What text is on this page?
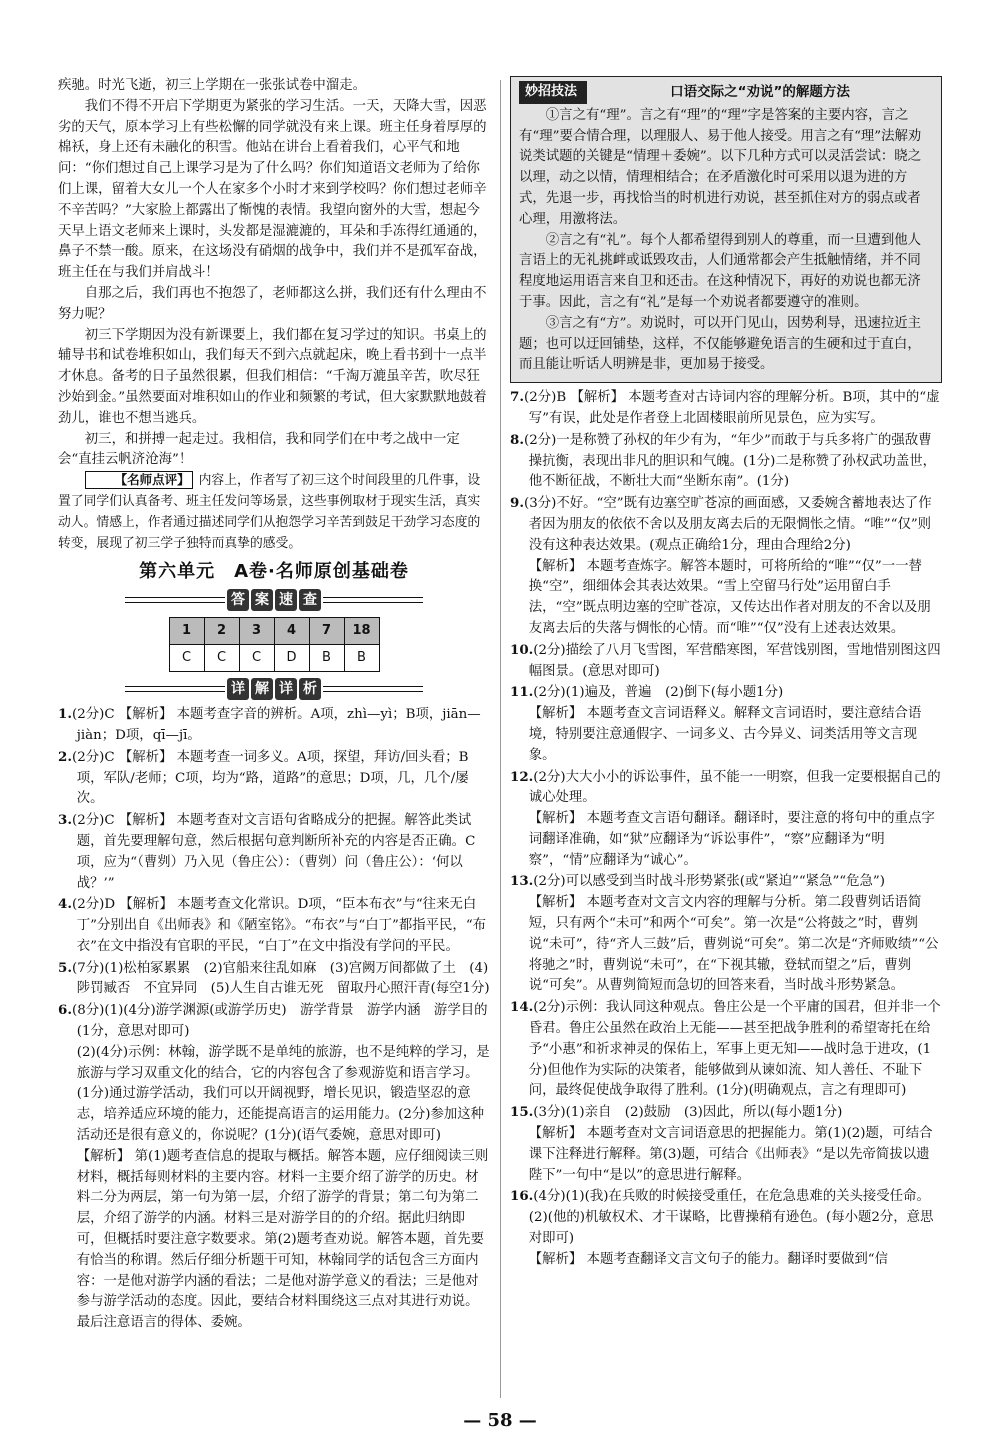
疾驰。时光飞逝，初三上学期在一张张试卷中溜走。

我们不得不开启下学期更为紧张的学习生活。一天，天降大雪，因恶劣的天气，原本学习上有些松懈的同学就没有来上课。班主任身着厚厚的棉袄，身上还有未融化的积雪。他站在讲台上看着我们，心平气和地问：“你们想过自己上课学习是为了什么吗？你们知道语文老师为了给你们上课，留着大女儿一个人在家多个小时才来到学校吗？你们想过老师辛不辛苦吗？”大家脸上都露出了惭愧的表情。我望向窗外的大雪，想起今天早上语文老师来上课时，头发都是湿漉漉的，耳朵和手冻得红通通的，鼻子不禁一酸。原来，在这场没有硝烟的战争中，我们并不是孤军奋战，班主任在与我们并肩战斗！

自那之后，我们再也不抱怨了，老师都这么拼，我们还有什么理由不努力呢？

初三下学期因为没有新课要上，我们都在复习学过的知识。书桌上的辅导书和试卷堆积如山，我们每天不到六点就起床，晚上看书到十一点半才休息。备考的日子虽然很累，但我们相信：“千淘万漉虽辛苦，吹尽狂沙始到金。”虽然要面对堆积如山的作业和频繁的考试，但大家默默地鼓着劲儿，谁也不想当逃兵。

初三，和拼搏一起走过。我相信，我和同学们在中考之战中一定会“直挂云帆济沧海”！

【名师点评】 内容上，作者写了初三这个时间段里的几件事，设置了同学们认真备考、班主任发问等场景，这些事例取材于现实生活，真实动人。情感上，作者通过描述同学们从抱怨学习辛苦到鼓足干劲学习态度的转变，展现了初三学子独特而真挚的感受。

第六单元　A卷·名师原创基础卷
答 案 速 查
1	2	3	4	7	18
C	C	C	D	B	B
详 解 详 析

1.(2分)C 【解析】 本题考查字音的辨析。A项，zhì—yì；B项，jiān—jiàn；D项，qī—jī。

2.(2分)C 【解析】 本题考查一词多义。A项，探望，拜访/回头看；B项，军队/老师；C项，均为“路，道路”的意思；D项，几，几个/屡次。

3.(2分)C 【解析】 本题考查对文言语句省略成分的把握。解答此类试题，首先要理解句意，然后根据句意判断所补充的内容是否正确。C项，应为“（曹刿）乃入见（鲁庄公）：（曹刿）问（鲁庄公）：‘何以战？’”

4.(2分)D 【解析】 本题考查文化常识。D项，“臣本布衣”与“往来无白丁”分别出自《出师表》和《陋室铭》。“布衣”与“白丁”都指平民，“布衣”在文中指没有官职的平民，“白丁”在文中指没有学问的平民。

5.(7分)(1)松柏冢累累　(2)官船来往乱如麻　(3)宫阙万间都做了土　(4)陟罚臧否　不宜异同　(5)人生自古谁无死　留取丹心照汗青(每空1分)

6.(8分)(1)(4分)游学渊源(或游学历史)　游学背景　游学内涵　游学目的(1分，意思对即可)

(2)(4分)示例：林翰，游学既不是单纯的旅游，也不是纯粹的学习，是旅游与学习双重文化的结合，它的内容包含了参观游览和语言学习。(1分)通过游学活动，我们可以开阔视野，增长见识，锻造坚忍的意志，培养适应环境的能力，还能提高语言的运用能力。(2分)参加这种活动还是很有意义的，你说呢？(1分)(语气委婉，意思对即可)

【解析】 第(1)题考查信息的提取与概括。解答本题，应仔细阅读三则材料，概括每则材料的主要内容。材料一主要介绍了游学的历史。材料二分为两层，第一句为第一层，介绍了游学的背景；第二句为第二层，介绍了游学的内涵。材料三是对游学目的的介绍。据此归纳即可，但概括时要注意字数要求。第(2)题考查劝说。解答本题，首先要有恰当的称谓。然后仔细分析题干可知，林翰同学的话包含三方面内容：一是他对游学内涵的看法；二是他对游学意义的看法；三是他对参与游学活动的态度。因此，要结合材料围绕这三点对其进行劝说。最后注意语言的得体、委婉。

妙招技法	口语交际之“劝说”的解题方法

①言之有“理”。言之有“理”的“理”字是答案的主要内容，言之有“理”要合情合理，以理服人、易于他人接受。用言之有“理”法解劝说类试题的关键是“情理＋委婉”。以下几种方式可以灵活尝试：晓之以理，动之以情，情理相结合；在矛盾激化时可采用以退为进的方式，先退一步，再找恰当的时机进行劝说，甚至抓住对方的弱点或者心理，用激将法。

②言之有“礼”。每个人都希望得到别人的尊重，而一旦遭到他人言语上的无礼挑衅或诋毁攻击，人们通常都会产生抵触情绪，并不同程度地运用语言来自卫和还击。在这种情况下，再好的劝说也都无济于事。因此，言之有“礼”是每一个劝说者都要遵守的准则。

③言之有“方”。劝说时，可以开门见山，因势利导，迅速拉近主题；也可以迂回铺垫，这样，不仅能够避免语言的生硬和过于直白，而且能让听话人明辨是非，更加易于接受。

7.(2分)B 【解析】 本题考查对古诗词内容的理解分析。B项，其中的“虚写”有误，此处是作者登上北固楼眼前所见景色，应为实写。

8.(2分)一是称赞了孙权的年少有为，“年少”而敢于与兵多将广的强敌曹操抗衡，表现出非凡的胆识和气魄。(1分)二是称赞了孙权武功盖世，他不断征战，不断壮大而“坐断东南”。(1分)

9.(3分)不好。“空”既有边塞空旷苍凉的画面感，又委婉含蓄地表达了作者因为朋友的依依不舍以及朋友离去后的无限惆怅之情。“唯”“仅”则没有这种表达效果。(观点正确给1分，理由合理给2分)

【解析】 本题考查炼字。解答本题时，可将所给的“唯”“仅”一一替换“空”，细细体会其表达效果。“雪上空留马行处”运用留白手法，“空”既点明边塞的空旷苍凉，又传达出作者对朋友的不舍以及朋友离去后的失落与惆怅的心情。而“唯”“仅”没有上述表达效果。

10.(2分)描绘了八月飞雪图，军营酷寒图，军营饯别图，雪地惜别图这四幅图景。(意思对即可)

11.(2分)(1)遍及，普遍　(2)倒下(每小题1分)

【解析】 本题考查文言词语释义。解释文言词语时，要注意结合语境，特别要注意通假字、一词多义、古今异义、词类活用等文言现象。

12.(2分)大大小小的诉讼事件，虽不能一一明察，但我一定要根据自己的诚心处理。

【解析】 本题考查文言语句翻译。翻译时，要注意的将句中的重点字词翻译准确，如“狱”应翻译为“诉讼事件”，“察”应翻译为“明察”，“情”应翻译为“诚心”。

13.(2分)可以感受到当时战斗形势紧张(或“紧迫”“紧急”“危急”)

【解析】 本题考查对文言文内容的理解与分析。第二段曹刿话语简短，只有两个“未可”和两个“可矣”。第一次是“公将鼓之”时，曹刿说“未可”，待“齐人三鼓”后，曹刿说“可矣”。第二次是“齐师败绩”“公将驰之”时，曹刿说“未可”，在“下视其辙，登轼而望之”后，曹刿说“可矣”。从曹刿简短而急切的回答来看，当时战斗形势紧急。

14.(2分)示例：我认同这种观点。鲁庄公是一个平庸的国君，但并非一个昏君。鲁庄公虽然在政治上无能——甚至把战争胜利的希望寄托在给予“小惠”和祈求神灵的保佑上，军事上更无知——战时急于进攻，(1分)但他作为实际的决策者，能够做到从谏如流、知人善任、不耻下问，最终促使战争取得了胜利。(1分)(明确观点，言之有理即可)

15.(3分)(1)亲自　(2)鼓励　(3)因此，所以(每小题1分)

【解析】 本题考查对文言词语意思的把握能力。第(1)(2)题，可结合课下注释进行解释。第(3)题，可结合《出师表》“是以先帝简拔以遗陛下”一句中“是以”的意思进行解释。

16.(4分)(1)(我)在兵败的时候接受重任，在危急患难的关头接受任命。

(2)(他的)机敏权术、才干谋略，比曹操稍有逊色。(每小题2分，意思对即可)

【解析】 本题考查翻译文言文句子的能力。翻译时要做到“信

— 58 —
